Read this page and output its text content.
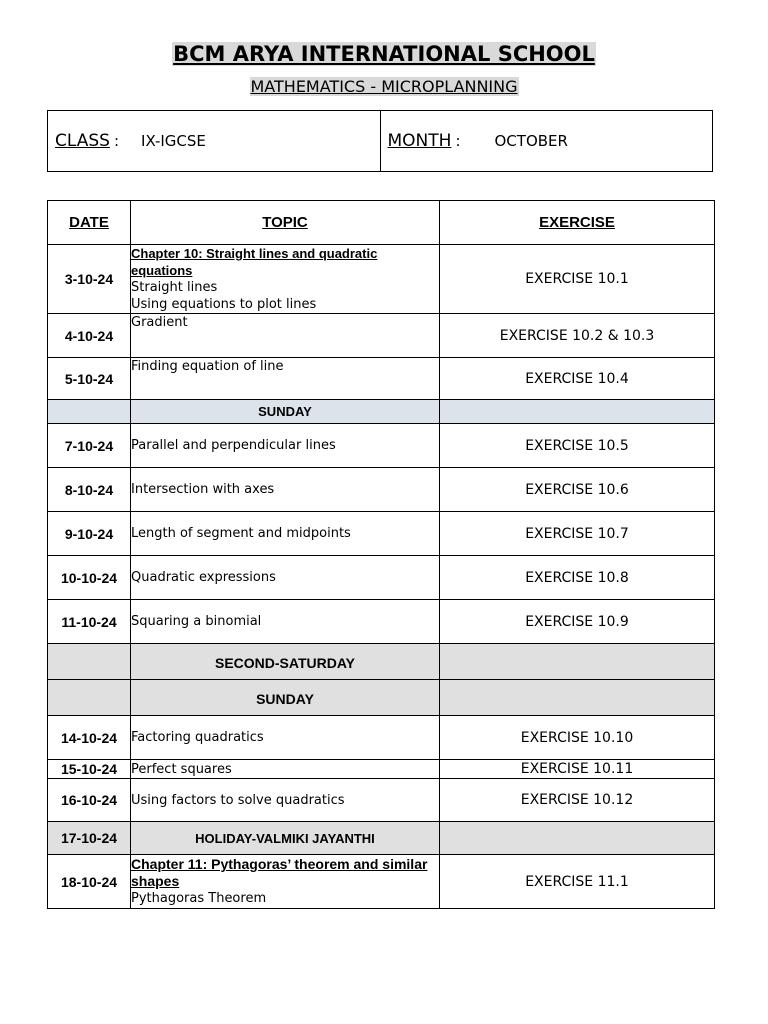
BCM ARYA INTERNATIONAL SCHOOL
MATHEMATICS - MICROPLANNING
CLASS : IX-IGCSE	MONTH : OCTOBER
DATE	TOPIC	EXERCISE
3-10-24	Chapter 10: Straight lines and quadratic equations
Straight lines
Using equations to plot lines	EXERCISE 10.1
4-10-24	Gradient	EXERCISE 10.2 & 10.3
5-10-24	Finding equation of line	EXERCISE 10.4
	SUNDAY	
7-10-24	Parallel and perpendicular lines	EXERCISE 10.5
8-10-24	Intersection with axes	EXERCISE 10.6
9-10-24	Length of segment and midpoints	EXERCISE 10.7
10-10-24	Quadratic expressions	EXERCISE 10.8
11-10-24	Squaring a binomial	EXERCISE 10.9
	SECOND-SATURDAY	
	SUNDAY	
14-10-24	Factoring quadratics	EXERCISE 10.10
15-10-24	Perfect squares	EXERCISE 10.11
16-10-24	Using factors to solve quadratics	EXERCISE 10.12
17-10-24	HOLIDAY-VALMIKI JAYANTHI	
18-10-24	Chapter 11: Pythagoras’ theorem and similar shapes
Pythagoras Theorem	EXERCISE 11.1
